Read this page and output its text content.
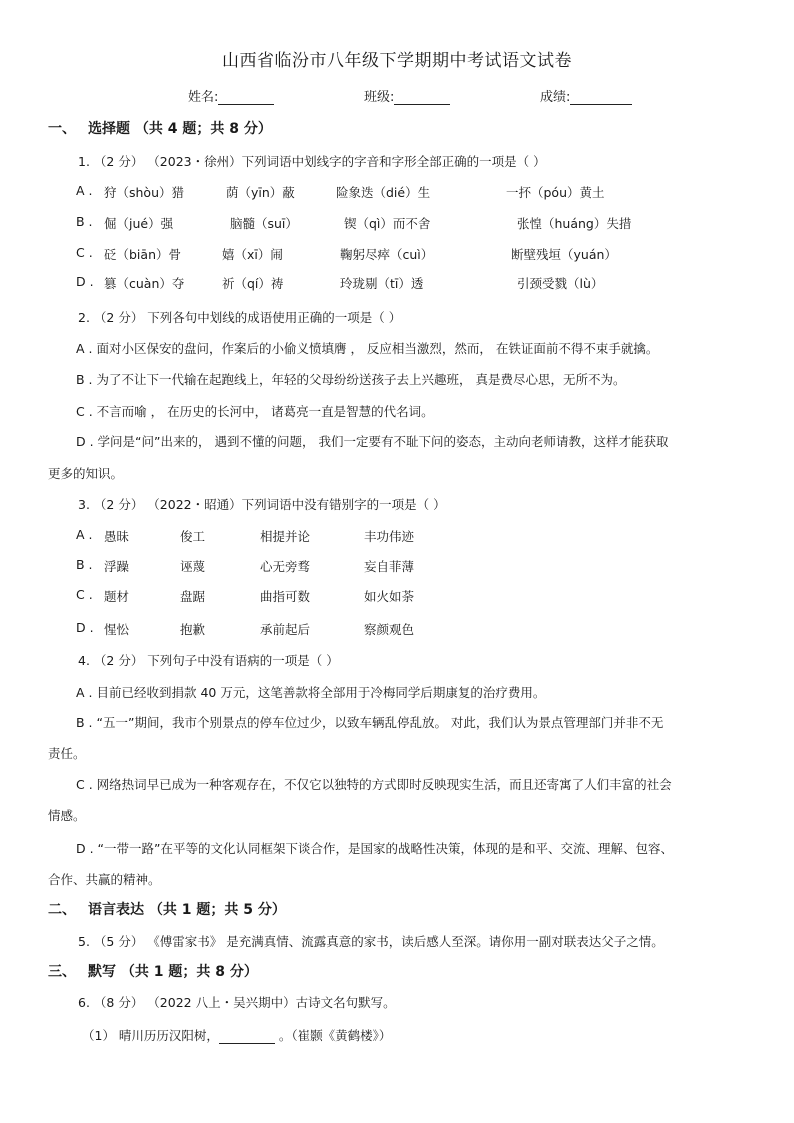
山西省临汾市八年级下学期期中考试语文试卷
姓名:	班级:	成绩:
一、 选择题 （共 4 题；共 8 分）
1. （2 分） （2023・徐州）下列词语中划线字的字音和字形全部正确的一项是（ ）
A . 狩（shòu）猎	荫（yīn）蔽	险象迭（dié）生	一抔（póu）黄土
B . 倔（jué）强	脑髓（suī）	锲（qì）而不舍	张惶（huáng）失措
C . 砭（biān）骨	嬉（xī）闹	鞠躬尽瘁（cuì）	断壁残垣（yuán）
D . 篡（cuàn）夺	祈（qí）祷	玲珑剔（tī）透	引颈受戮（lù）
2. （2 分） 下列各句中划线的成语使用正确的一项是（ ）
A . 面对小区保安的盘问，作案后的小偷义愤填膺 ， 反应相当激烈，然而， 在铁证面前不得不束手就擒。
B . 为了不让下一代输在起跑线上，年轻的父母纷纷送孩子去上兴趣班， 真是费尽心思，无所不为。
C . 不言而喻 ， 在历史的长河中， 诸葛亮一直是智慧的代名词。
D . 学问是“问”出来的， 遇到不懂的问题， 我们一定要有不耻下问的姿态，主动向老师请教，这样才能获取
更多的知识。
3. （2 分） （2022・昭通）下列词语中没有错别字的一项是（ ）
A . 愚昧	俊工	相提并论	丰功伟迹
B . 浮躁	诬蔑	心无旁骛	妄自菲薄
C . 题材	盘踞	曲指可数	如火如荼
D . 惺忪	抱歉	承前起后	察颜观色
4. （2 分） 下列句子中没有语病的一项是（ ）
A . 目前已经收到捐款 40 万元，这笔善款将全部用于冷梅同学后期康复的治疗费用。
B . “五一”期间，我市个别景点的停车位过少，以致车辆乱停乱放。 对此，我们认为景点管理部门并非不无
责任。
C . 网络热词早已成为一种客观存在，不仅它以独特的方式即时反映现实生活，而且还寄寓了人们丰富的社会
情感。
D . “一带一路”在平等的文化认同框架下谈合作，是国家的战略性决策，体现的是和平、交流、理解、包容、
合作、共赢的精神。
二、 语言表达 （共 1 题；共 5 分）
5. （5 分） 《傅雷家书》 是充满真情、流露真意的家书，读后感人至深。请你用一副对联表达父子之情。
三、 默写 （共 1 题；共 8 分）
6. （8 分） （2022 八上・吴兴期中）古诗文名句默写。
（1） 晴川历历汉阳树，	。（崔颢《黄鹤楼》）
